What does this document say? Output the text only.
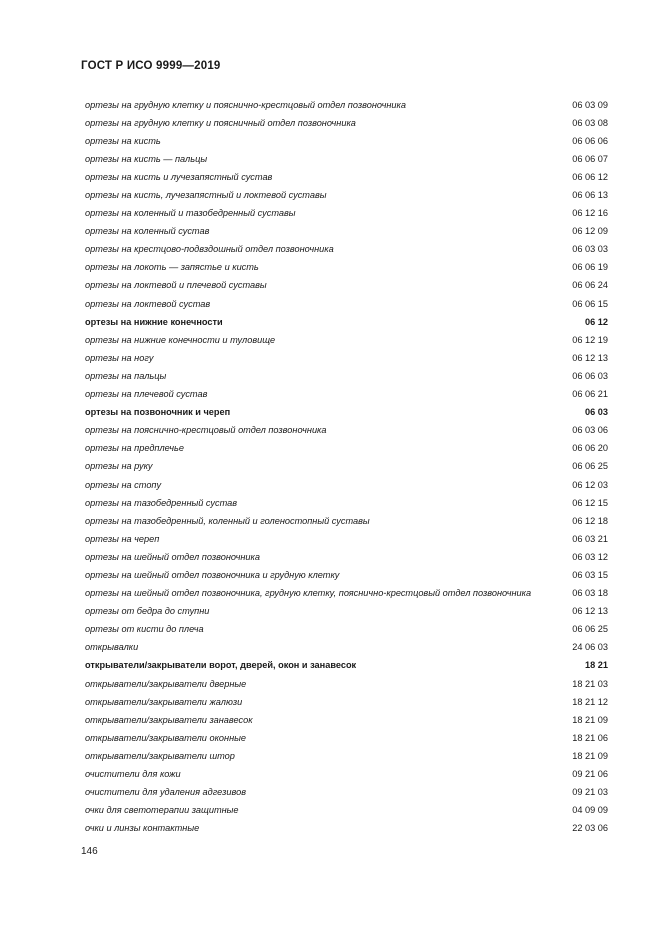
ГОСТ Р ИСО 9999—2019
ортезы на грудную клетку и пояснично-крестцовый отдел позвоночника	06 03 09
ортезы на грудную клетку и поясничный отдел позвоночника	06 03 08
ортезы на кисть	06 06 06
ортезы на кисть — пальцы	06 06 07
ортезы на кисть и лучезапястный сустав	06 06 12
ортезы на кисть, лучезапястный и локтевой суставы	06 06 13
ортезы на коленный и тазобедренный суставы	06 12 16
ортезы на коленный сустав	06 12 09
ортезы на крестцово-подвздошный отдел позвоночника	06 03 03
ортезы на локоть — запястье и кисть	06 06 19
ортезы на локтевой и плечевой суставы	06 06 24
ортезы на локтевой сустав	06 06 15
ортезы на нижние конечности	06 12
ортезы на нижние конечности и туловище	06 12 19
ортезы на ногу	06 12 13
ортезы на пальцы	06 06 03
ортезы на плечевой сустав	06 06 21
ортезы на позвоночник и череп	06 03
ортезы на пояснично-крестцовый отдел позвоночника	06 03 06
ортезы на предплечье	06 06 20
ортезы на руку	06 06 25
ортезы на стопу	06 12 03
ортезы на тазобедренный сустав	06 12 15
ортезы на тазобедренный, коленный и голеностопный суставы	06 12 18
ортезы на череп	06 03 21
ортезы на шейный отдел позвоночника	06 03 12
ортезы на шейный отдел позвоночника и грудную клетку	06 03 15
ортезы на шейный отдел позвоночника, грудную клетку, пояснично-крестцовый отдел позвоночника	06 03 18
ортезы от бедра до ступни	06 12 13
ортезы от кисти до плеча	06 06 25
открывалки	24 06 03
открыватели/закрыватели ворот, дверей, окон и занавесок	18 21
открыватели/закрыватели дверные	18 21 03
открыватели/закрыватели жалюзи	18 21 12
открыватели/закрыватели занавесок	18 21 09
открыватели/закрыватели оконные	18 21 06
открыватели/закрыватели штор	18 21 09
очистители для кожи	09 21 06
очистители для удаления адгезивов	09 21 03
очки для светотерапии защитные	04 09 09
очки и линзы контактные	22 03 06
146
